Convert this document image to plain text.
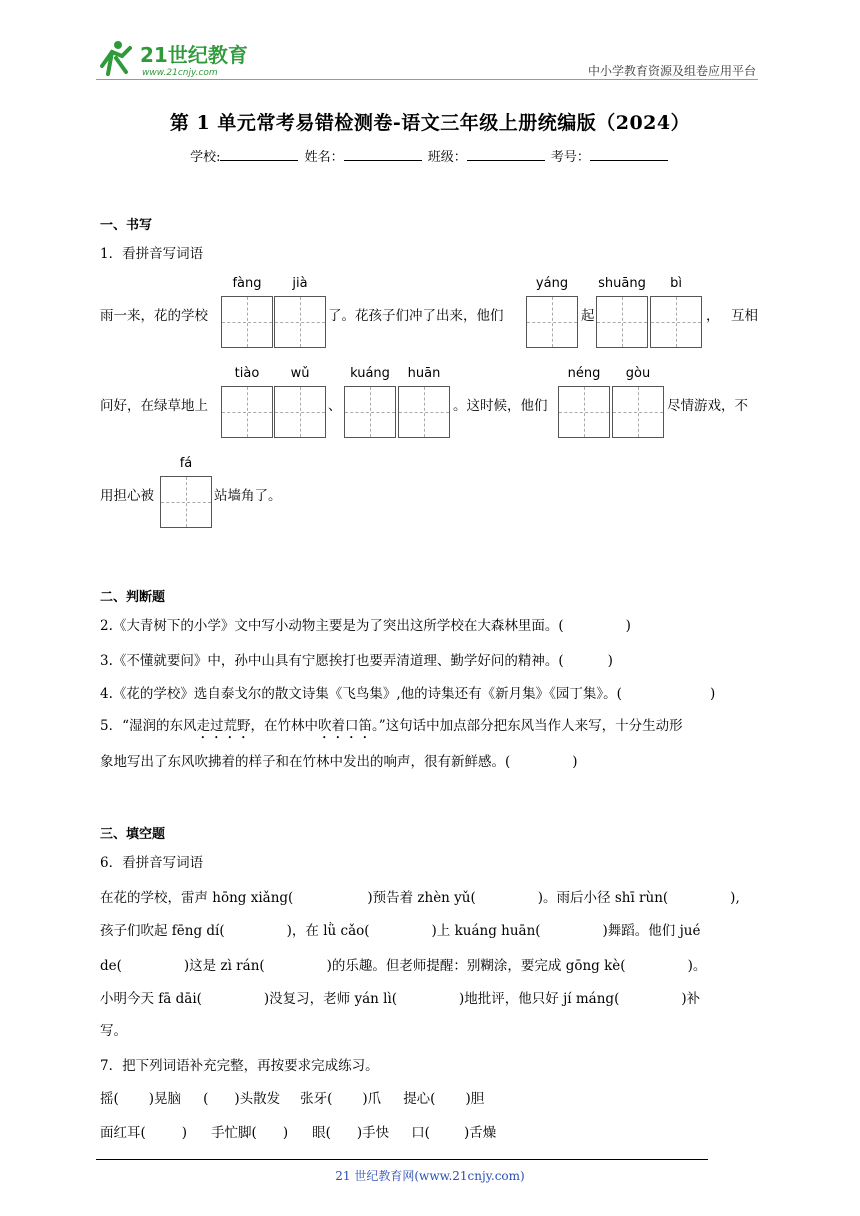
21世纪教育
www.21cnjy.com	中小学教育资源及组卷应用平台
第 1 单元常考易错检测卷-语文三年级上册统编版（2024）
学校:	姓名：	班级：	考号：
一、书写
1．看拼音写词语
fàng	jià	yáng	shuāng	bì
雨一来，花的学校	了。花孩子们冲了出来，他们	起	， 互相
tiào	wǔ	kuáng	huān	néng	gòu
问好，在绿草地上	、	。这时候，他们	尽情游戏，不
fá
用担心被	站墙角了。
二、判断题
2.《大青树下的小学》文中写小动物主要是为了突出这所学校在大森林里面。(	)
3.《不懂就要问》中，孙中山具有宁愿挨打也要弄清道理、勤学好问的精神。(	)
4.《花的学校》选自泰戈尔的散文诗集《飞鸟集》,他的诗集还有《新月集》《园丁集》。(	)
5．“湿润的东风走过荒野，在竹林中吹着口笛。”这句话中加点部分把东风当作人来写，十分生动形
象地写出了东风吹拂着的样子和在竹林中发出的响声，很有新鲜感。(	)
三、填空题
6．看拼音写词语
在花的学校，雷声 hōng xiǎng(	)预告着 zhèn yǔ(	)。雨后小径 shī rùn(	),
孩子们吹起 fēng dí(	)，在 lǜ cǎo(	)上 kuáng huān(	)舞蹈。他们 jué
de(	)这是 zì rán(	)的乐趣。但老师提醒：别糊涂，要完成 gōng kè(	)。
小明今天 fā dāi(	)没复习，老师 yán lì(	)地批评，他只好 jí máng(	)补
写。
7．把下列词语补充完整，再按要求完成练习。
摇( )晃脑 ( )头散发 张牙( )爪 提心( )胆
面红耳(	) 手忙脚( ) 眼( )手快 口(	)舌燥
21 世纪教育网(www.21cnjy.com)
